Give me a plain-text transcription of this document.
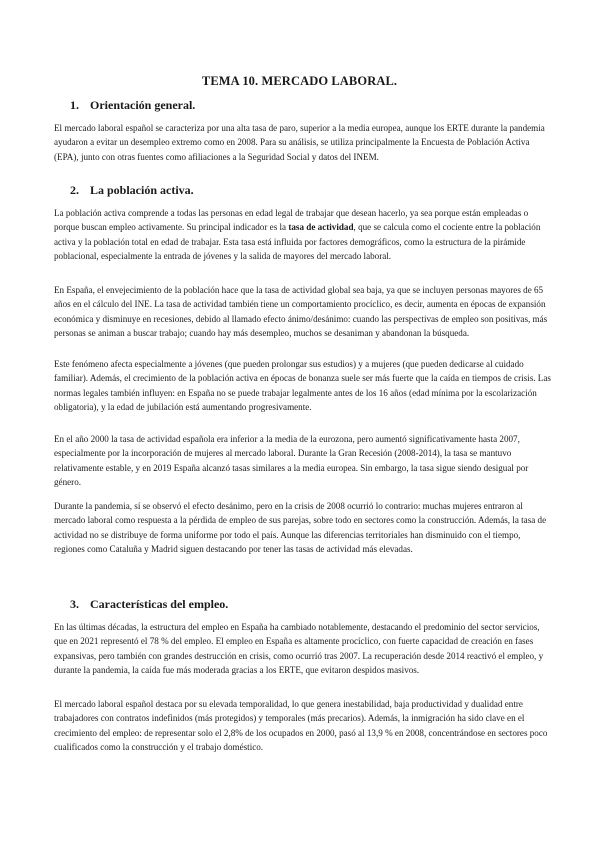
TEMA 10. MERCADO LABORAL.
1. Orientación general.

El mercado laboral español se caracteriza por una alta tasa de paro, superior a la media europea, aunque los ERTE durante la pandemia ayudaron a evitar un desempleo extremo como en 2008. Para su análisis, se utiliza principalmente la Encuesta de Población Activa (EPA), junto con otras fuentes como afiliaciones a la Seguridad Social y datos del INEM.

2. La población activa.

La población activa comprende a todas las personas en edad legal de trabajar que desean hacerlo, ya sea porque están empleadas o porque buscan empleo activamente. Su principal indicador es la tasa de actividad, que se calcula como el cociente entre la población activa y la población total en edad de trabajar. Esta tasa está influida por factores demográficos, como la estructura de la pirámide poblacional, especialmente la entrada de jóvenes y la salida de mayores del mercado laboral.

En España, el envejecimiento de la población hace que la tasa de actividad global sea baja, ya que se incluyen personas mayores de 65 años en el cálculo del INE. La tasa de actividad también tiene un comportamiento procíclico, es decir, aumenta en épocas de expansión económica y disminuye en recesiones, debido al llamado efecto ánimo/desánimo: cuando las perspectivas de empleo son positivas, más personas se animan a buscar trabajo; cuando hay más desempleo, muchos se desaniman y abandonan la búsqueda.

Este fenómeno afecta especialmente a jóvenes (que pueden prolongar sus estudios) y a mujeres (que pueden dedicarse al cuidado familiar). Además, el crecimiento de la población activa en épocas de bonanza suele ser más fuerte que la caída en tiempos de crisis. Las normas legales también influyen: en España no se puede trabajar legalmente antes de los 16 años (edad mínima por la escolarización obligatoria), y la edad de jubilación está aumentando progresivamente.

En el año 2000 la tasa de actividad española era inferior a la media de la eurozona, pero aumentó significativamente hasta 2007, especialmente por la incorporación de mujeres al mercado laboral. Durante la Gran Recesión (2008-2014), la tasa se mantuvo relativamente estable, y en 2019 España alcanzó tasas similares a la media europea. Sin embargo, la tasa sigue siendo desigual por género.

Durante la pandemia, sí se observó el efecto desánimo, pero en la crisis de 2008 ocurrió lo contrario: muchas mujeres entraron al mercado laboral como respuesta a la pérdida de empleo de sus parejas, sobre todo en sectores como la construcción. Además, la tasa de actividad no se distribuye de forma uniforme por todo el país. Aunque las diferencias territoriales han disminuido con el tiempo, regiones como Cataluña y Madrid siguen destacando por tener las tasas de actividad más elevadas.

3. Características del empleo.

En las últimas décadas, la estructura del empleo en España ha cambiado notablemente, destacando el predominio del sector servicios, que en 2021 representó el 78 % del empleo. El empleo en España es altamente procíclico, con fuerte capacidad de creación en fases expansivas, pero también con grandes destrucción en crisis, como ocurrió tras 2007. La recuperación desde 2014 reactivó el empleo, y durante la pandemia, la caída fue más moderada gracias a los ERTE, que evitaron despidos masivos.

El mercado laboral español destaca por su elevada temporalidad, lo que genera inestabilidad, baja productividad y dualidad entre trabajadores con contratos indefinidos (más protegidos) y temporales (más precarios). Además, la inmigración ha sido clave en el crecimiento del empleo: de representar solo el 2,8% de los ocupados en 2000, pasó al 13,9 % en 2008, concentrándose en sectores poco cualificados como la construcción y el trabajo doméstico.
